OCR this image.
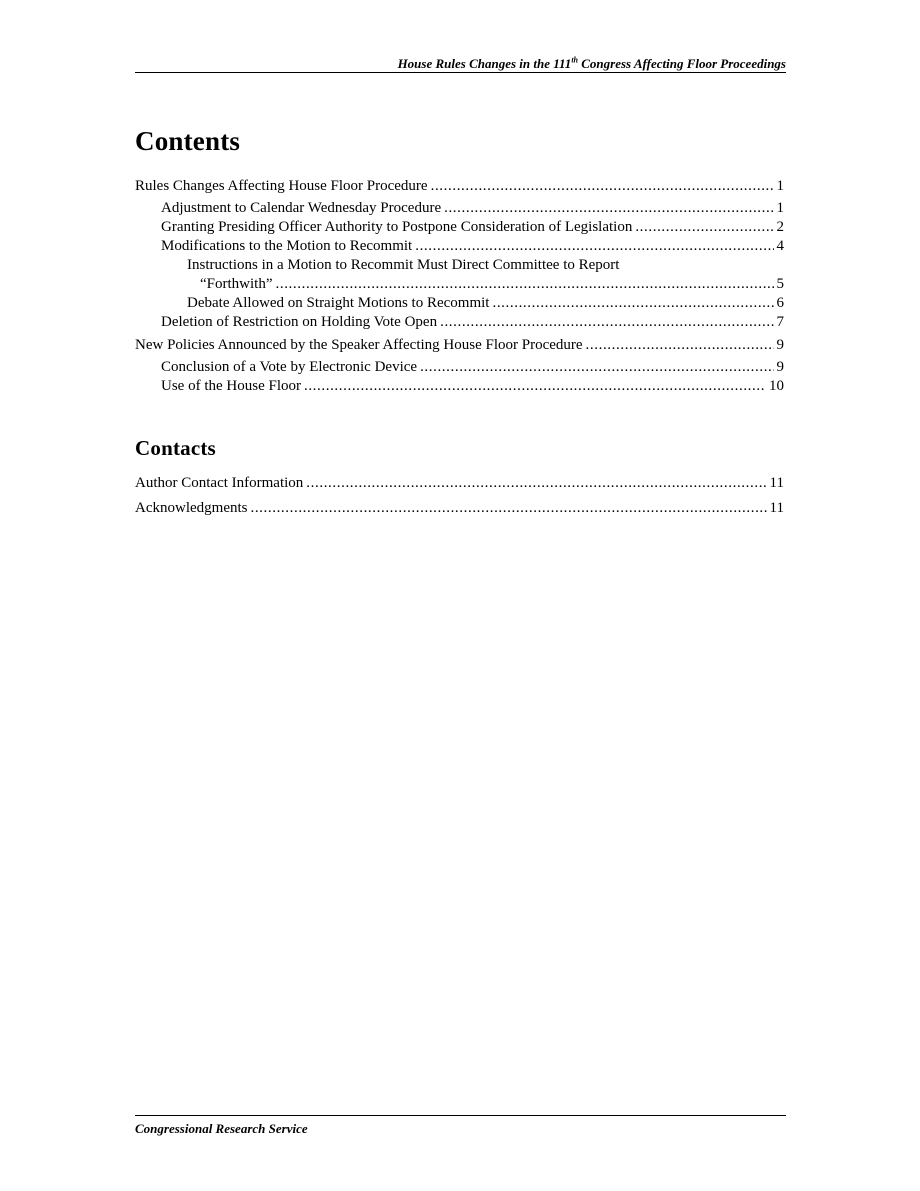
House Rules Changes in the 111th Congress Affecting Floor Proceedings
Contents
Rules Changes Affecting House Floor Procedure .....	1
Adjustment to Calendar Wednesday Procedure .....	1
Granting Presiding Officer Authority to Postpone Consideration of Legislation .....	2
Modifications to the Motion to Recommit .....	4
Instructions in a Motion to Recommit Must Direct Committee to Report
“Forthwith” .....	5
Debate Allowed on Straight Motions to Recommit .....	6
Deletion of Restriction on Holding Vote Open .....	7
New Policies Announced by the Speaker Affecting House Floor Procedure .....	9
Conclusion of a Vote by Electronic Device .....	9
Use of the House Floor .....	10
Contacts
Author Contact Information .....	11
Acknowledgments .....	11
Congressional Research Service
